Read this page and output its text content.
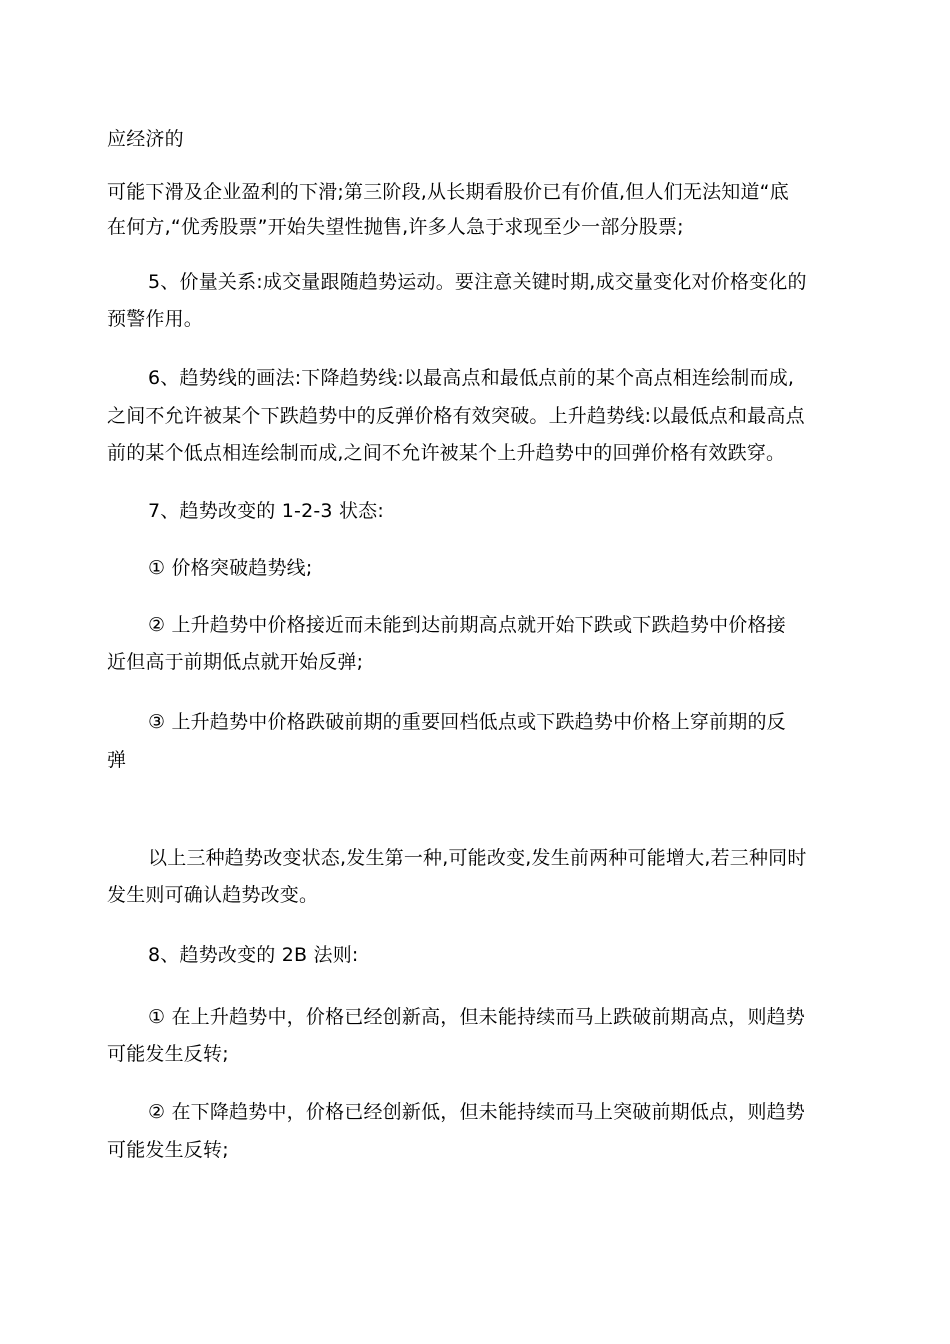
应经济的
可能下滑及企业盈利的下滑;第三阶段,从长期看股价已有价值,但人们无法知道“底
在何方,“优秀股票”开始失望性抛售,许多人急于求现至少一部分股票;
5、价量关系:成交量跟随趋势运动。要注意关键时期,成交量变化对价格变化的
预警作用。
6、趋势线的画法:下降趋势线:以最高点和最低点前的某个高点相连绘制而成,
之间不允许被某个下跌趋势中的反弹价格有效突破。上升趋势线:以最低点和最高点
前的某个低点相连绘制而成,之间不允许被某个上升趋势中的回弹价格有效跌穿。
7、趋势改变的 1-2-3 状态:
① 价格突破趋势线;
② 上升趋势中价格接近而未能到达前期高点就开始下跌或下跌趋势中价格接
近但高于前期低点就开始反弹;
③ 上升趋势中价格跌破前期的重要回档低点或下跌趋势中价格上穿前期的反
弹
以上三种趋势改变状态,发生第一种,可能改变,发生前两种可能增大,若三种同时
发生则可确认趋势改变。
8、趋势改变的 2B 法则:
① 在上升趋势中，价格已经创新高，但未能持续而马上跌破前期高点，则趋势
可能发生反转;
② 在下降趋势中，价格已经创新低，但未能持续而马上突破前期低点，则趋势
可能发生反转;
